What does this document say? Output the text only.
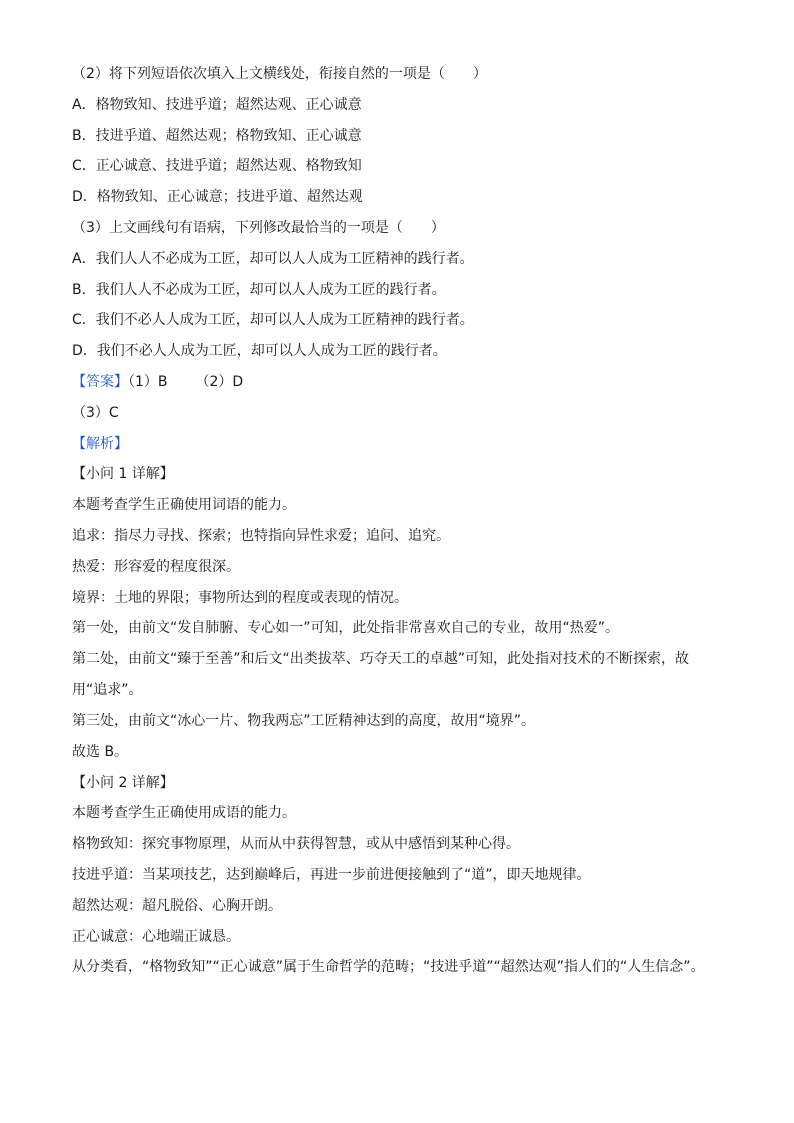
（2）将下列短语依次填入上文横线处，衔接自然的一项是（　　）
A．格物致知、技进乎道；超然达观、正心诚意
B．技进乎道、超然达观；格物致知、正心诚意
C．正心诚意、技进乎道；超然达观、格物致知
D．格物致知、正心诚意；技进乎道、超然达观
（3）上文画线句有语病，下列修改最恰当的一项是（　　）
A．我们人人不必成为工匠，却可以人人成为工匠精神的践行者。
B．我们人人不必成为工匠，却可以人人成为工匠的践行者。
C．我们不必人人成为工匠，却可以人人成为工匠精神的践行者。
D．我们不必人人成为工匠，却可以人人成为工匠的践行者。
【答案】（1）B （2）D
（3）C
【解析】
【小问 1 详解】
本题考查学生正确使用词语的能力。
追求：指尽力寻找、探索；也特指向异性求爱；追问、追究。
热爱：形容爱的程度很深。
境界：土地的界限；事物所达到的程度或表现的情况。
第一处，由前文“发自肺腑、专心如一”可知，此处指非常喜欢自己的专业，故用“热爱”。
第二处，由前文“臻于至善”和后文“出类拔萃、巧夺天工的卓越”可知，此处指对技术的不断探索，故用“追求”。
第三处，由前文“冰心一片、物我两忘”工匠精神达到的高度，故用“境界”。
故选 B。
【小问 2 详解】
本题考查学生正确使用成语的能力。
格物致知：探究事物原理，从而从中获得智慧，或从中感悟到某种心得。
技进乎道：当某项技艺，达到巅峰后，再进一步前进便接触到了“道”，即天地规律。
超然达观：超凡脱俗、心胸开朗。
正心诚意：心地端正诚恳。
从分类看，“格物致知”“正心诚意”属于生命哲学的范畴；“技进乎道”“超然达观”指人们的“人生信念”。
